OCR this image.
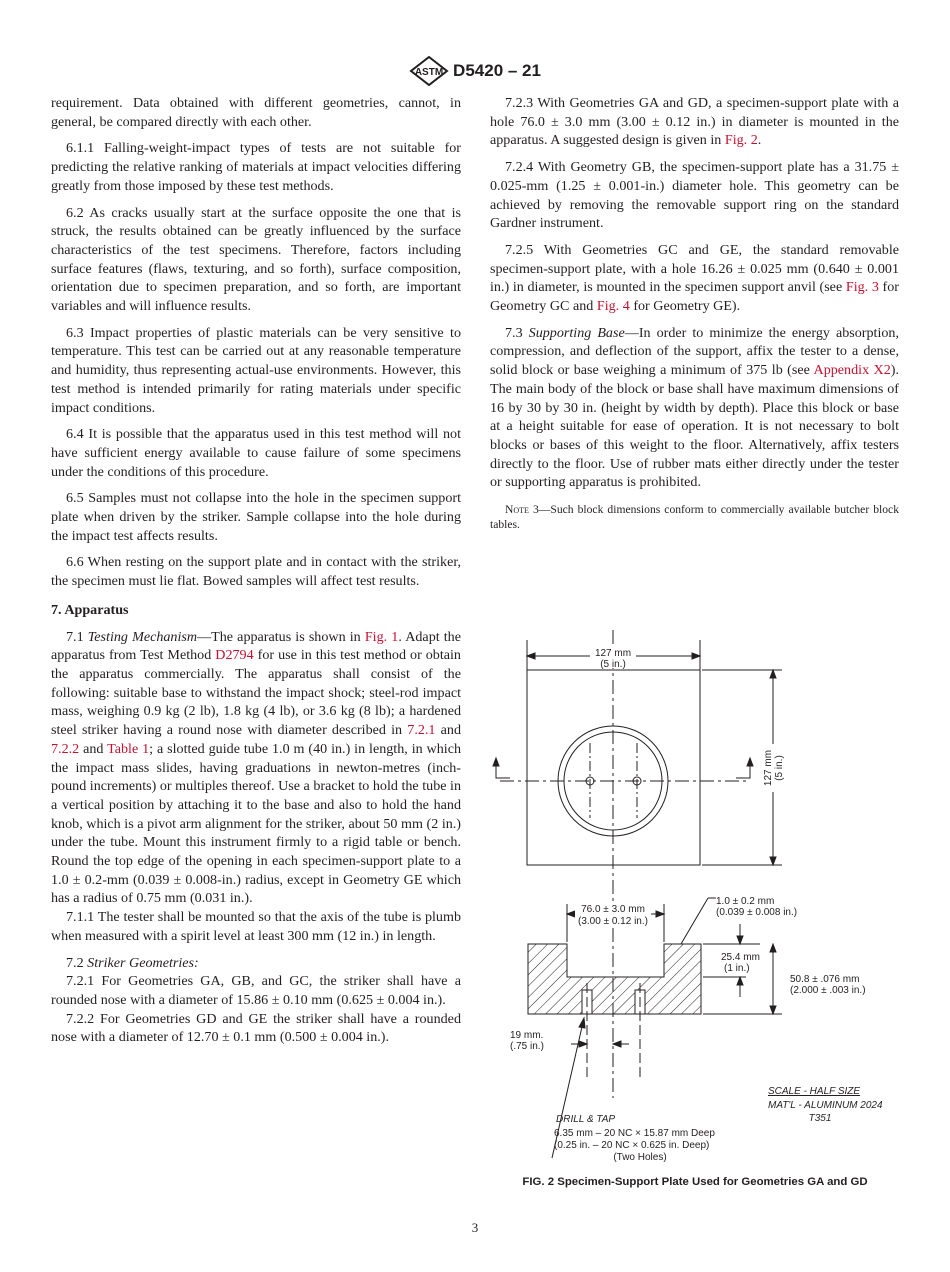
ASTM D5420 – 21

requirement. Data obtained with different geometries, cannot, in general, be compared directly with each other.

6.1.1 Falling-weight-impact types of tests are not suitable for predicting the relative ranking of materials at impact velocities differing greatly from those imposed by these test methods.

6.2 As cracks usually start at the surface opposite the one that is struck, the results obtained can be greatly influenced by the surface characteristics of the test specimens. Therefore, factors including surface features (flaws, texturing, and so forth), surface composition, orientation due to specimen preparation, and so forth, are important variables and will influence results.

6.3 Impact properties of plastic materials can be very sensitive to temperature. This test can be carried out at any reasonable temperature and humidity, thus representing actual-use environments. However, this test method is intended primarily for rating materials under specific impact conditions.

6.4 It is possible that the apparatus used in this test method will not have sufficient energy available to cause failure of some specimens under the conditions of this procedure.

6.5 Samples must not collapse into the hole in the specimen support plate when driven by the striker. Sample collapse into the hole during the impact test affects results.

6.6 When resting on the support plate and in contact with the striker, the specimen must lie flat. Bowed samples will affect test results.

7. Apparatus

7.1 Testing Mechanism—The apparatus is shown in Fig. 1. Adapt the apparatus from Test Method D2794 for use in this test method or obtain the apparatus commercially. The apparatus shall consist of the following: suitable base to withstand the impact shock; steel-rod impact mass, weighing 0.9 kg (2 lb), 1.8 kg (4 lb), or 3.6 kg (8 lb); a hardened steel striker having a round nose with diameter described in 7.2.1 and 7.2.2 and Table 1; a slotted guide tube 1.0 m (40 in.) in length, in which the impact mass slides, having graduations in newton-metres (inch-pound increments) or multiples thereof. Use a bracket to hold the tube in a vertical position by attaching it to the base and also to hold the hand knob, which is a pivot arm alignment for the striker, about 50 mm (2 in.) under the tube. Mount this instrument firmly to a rigid table or bench. Round the top edge of the opening in each specimen-support plate to a 1.0 ± 0.2-mm (0.039 ± 0.008-in.) radius, except in Geometry GE which has a radius of 0.75 mm (0.031 in.).

7.1.1 The tester shall be mounted so that the axis of the tube is plumb when measured with a spirit level at least 300 mm (12 in.) in length.

7.2 Striker Geometries:

7.2.1 For Geometries GA, GB, and GC, the striker shall have a rounded nose with a diameter of 15.86 ± 0.10 mm (0.625 ± 0.004 in.).

7.2.2 For Geometries GD and GE the striker shall have a rounded nose with a diameter of 12.70 ± 0.1 mm (0.500 ± 0.004 in.).

7.2.3 With Geometries GA and GD, a specimen-support plate with a hole 76.0 ± 3.0 mm (3.00 ± 0.12 in.) in diameter is mounted in the apparatus. A suggested design is given in Fig. 2.

7.2.4 With Geometry GB, the specimen-support plate has a 31.75 ± 0.025-mm (1.25 ± 0.001-in.) diameter hole. This geometry can be achieved by removing the removable support ring on the standard Gardner instrument.

7.2.5 With Geometries GC and GE, the standard removable specimen-support plate, with a hole 16.26 ± 0.025 mm (0.640 ± 0.001 in.) in diameter, is mounted in the specimen support anvil (see Fig. 3 for Geometry GC and Fig. 4 for Geometry GE).

7.3 Supporting Base—In order to minimize the energy absorption, compression, and deflection of the support, affix the tester to a dense, solid block or base weighing a minimum of 375 lb (see Appendix X2). The main body of the block or base shall have maximum dimensions of 16 by 30 by 30 in. (height by width by depth). Place this block or base at a height suitable for ease of operation. It is not necessary to bolt blocks or bases of this weight to the floor. Alternatively, affix testers directly to the floor. Use of rubber mats either directly under the tester or supporting apparatus is prohibited.

Note 3—Such block dimensions conform to commercially available butcher block tables.

127 mm
(5 in.)
127 mm (5 in.)
76.0 ± 3.0 mm
(3.00 ± 0.12 in.)
1.0 ± 0.2 mm
(0.039 ± 0.008 in.)
25.4 mm
(1 in.)
50.8 ± .076 mm
(2.000 ± .003 in.)
19 mm.
(.75 in.)
SCALE - HALF SIZE
MAT'L - ALUMINUM 2024
T351
DRILL & TAP
6.35 mm – 20 NC × 15.87 mm Deep
(0.25 in. – 20 NC × 0.625 in. Deep)
(Two Holes)
FIG. 2 Specimen-Support Plate Used for Geometries GA and GD
3
